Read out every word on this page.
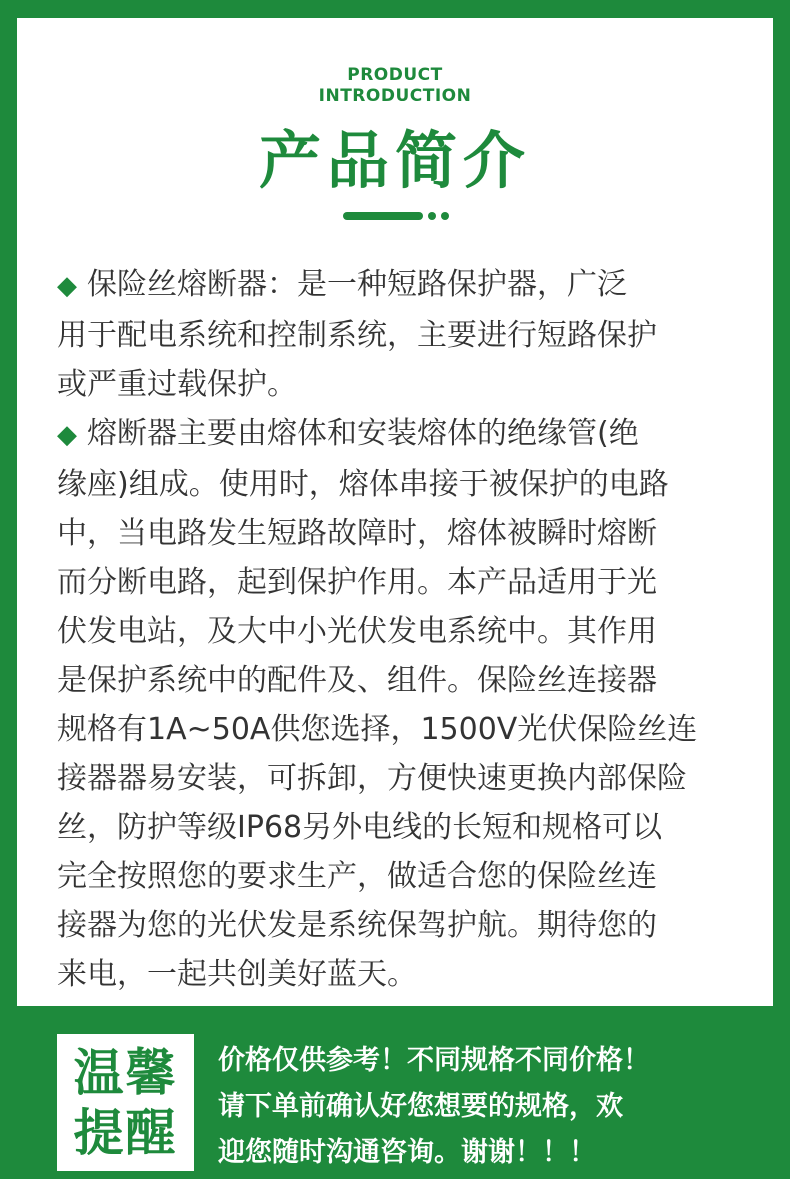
PRODUCT
INTRODUCTION
产品简介
◆ 保险丝熔断器：是一种短路保护器，广泛
用于配电系统和控制系统，主要进行短路保护
或严重过载保护。
◆ 熔断器主要由熔体和安装熔体的绝缘管(绝
缘座)组成。使用时，熔体串接于被保护的电路
中，当电路发生短路故障时，熔体被瞬时熔断
而分断电路，起到保护作用。本产品适用于光
伏发电站，及大中小光伏发电系统中。其作用
是保护系统中的配件及、组件。保险丝连接器
规格有1A~50A供您选择，1500V光伏保险丝连
接器器易安装，可拆卸，方便快速更换内部保险
丝，防护等级IP68另外电线的长短和规格可以
完全按照您的要求生产，做适合您的保险丝连
接器为您的光伏发是系统保驾护航。期待您的
来电，一起共创美好蓝天。
温馨
提醒
价格仅供参考！不同规格不同价格！
请下单前确认好您想要的规格，欢
迎您随时沟通咨询。谢谢！！！
